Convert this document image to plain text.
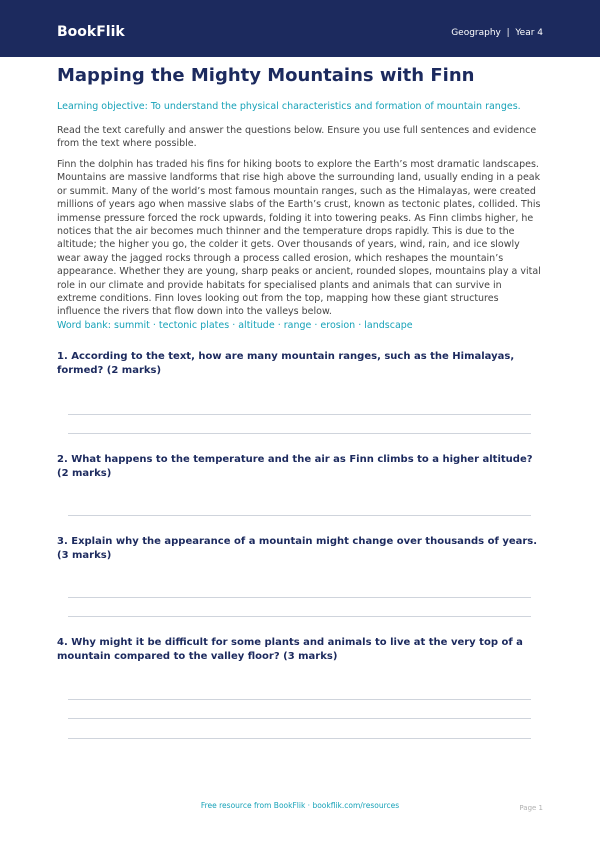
BookFlik	Geography  |  Year 4
Mapping the Mighty Mountains with Finn
Learning objective: To understand the physical characteristics and formation of mountain ranges.
Read the text carefully and answer the questions below. Ensure you use full sentences and evidence from the text where possible.
Finn the dolphin has traded his fins for hiking boots to explore the Earth’s most dramatic landscapes. Mountains are massive landforms that rise high above the surrounding land, usually ending in a peak or summit. Many of the world’s most famous mountain ranges, such as the Himalayas, were created millions of years ago when massive slabs of the Earth’s crust, known as tectonic plates, collided. This immense pressure forced the rock upwards, folding it into towering peaks. As Finn climbs higher, he notices that the air becomes much thinner and the temperature drops rapidly. This is due to the altitude; the higher you go, the colder it gets. Over thousands of years, wind, rain, and ice slowly wear away the jagged rocks through a process called erosion, which reshapes the mountain’s appearance. Whether they are young, sharp peaks or ancient, rounded slopes, mountains play a vital role in our climate and provide habitats for specialised plants and animals that can survive in extreme conditions. Finn loves looking out from the top, mapping how these giant structures influence the rivers that flow down into the valleys below.
Word bank: summit · tectonic plates · altitude · range · erosion · landscape
1. According to the text, how are many mountain ranges, such as the Himalayas, formed? (2 marks)
2. What happens to the temperature and the air as Finn climbs to a higher altitude? (2 marks)
3. Explain why the appearance of a mountain might change over thousands of years. (3 marks)
4. Why might it be difficult for some plants and animals to live at the very top of a mountain compared to the valley floor? (3 marks)
Free resource from BookFlik · bookflik.com/resources	Page 1
